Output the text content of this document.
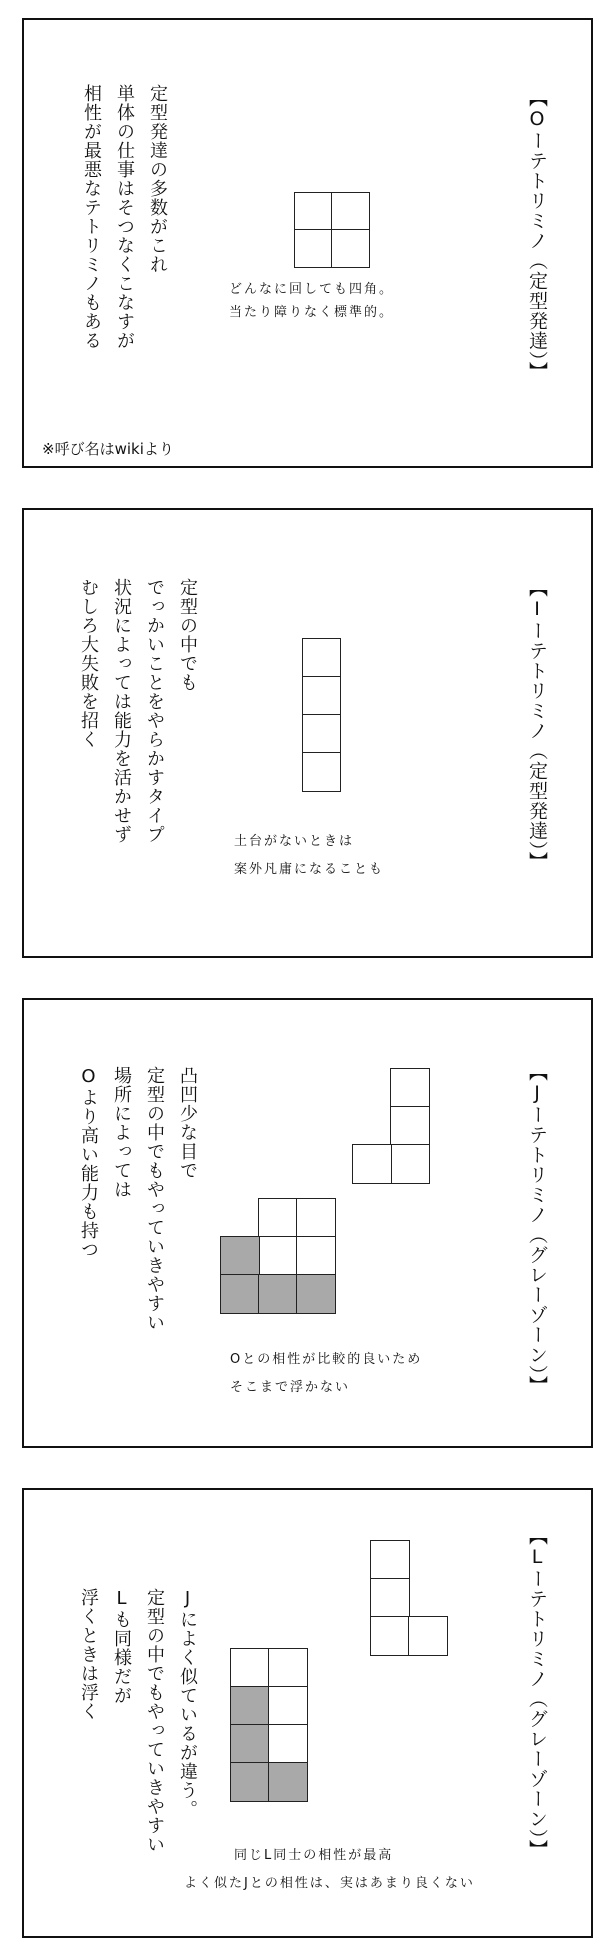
【Oーテトリミノ（定型発達）】
定型発達の多数がこれ
単体の仕事はそつなくこなすが
相性が最悪なテトリミノもある	どんなに回しても四角。
当たり障りなく標準的。
※呼び名はwikiより
【Iーテトリミノ（定型発達）】
定型の中でも
でっかいことをやらかすタイプ
状況によっては能力を活かせず
むしろ大失敗を招く
土台がないときは
案外凡庸になることも
【Jーテトリミノ（グレーゾーン）】
凸凹少な目で
定型の中でもやっていきやすい
場所によっては
Oより高い能力も持つ
Oとの相性が比較的良いため
そこまで浮かない
【Lーテトリミノ（グレーゾーン）】
Jによく似ているが違う。
定型の中でもやっていきやすい
Lも同様だが
浮くときは浮く
同じL同士の相性が最高
よく似たJとの相性は、実はあまり良くない
